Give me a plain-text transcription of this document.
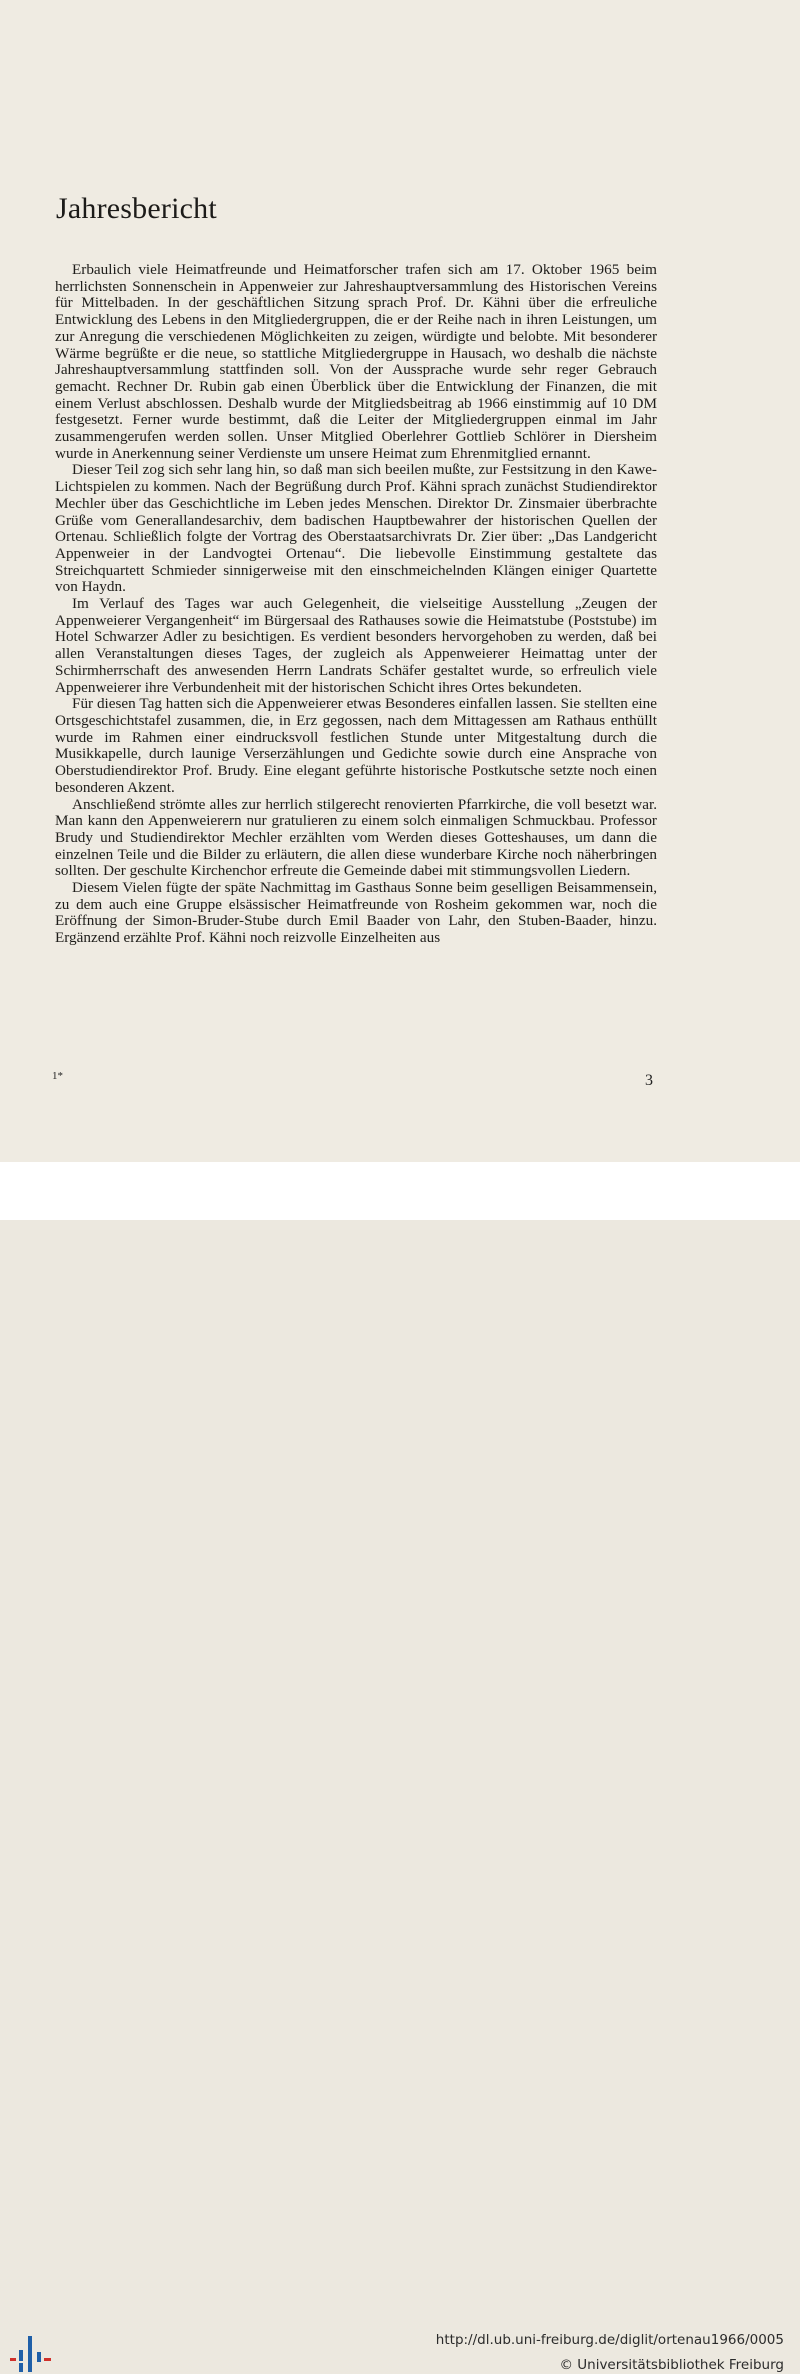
Jahresbericht

Erbaulich viele Heimatfreunde und Heimatforscher trafen sich am 17. Oktober 1965 beim herrlichsten Sonnenschein in Appenweier zur Jahreshauptversammlung des Historischen Vereins für Mittelbaden. In der geschäftlichen Sitzung sprach Prof. Dr. Kähni über die erfreuliche Entwicklung des Lebens in den Mitgliedergruppen, die er der Reihe nach in ihren Leistungen, um zur Anregung die verschiedenen Möglichkeiten zu zeigen, würdigte und belobte. Mit besonderer Wärme begrüßte er die neue, so stattliche Mitgliedergruppe in Hausach, wo deshalb die nächste Jahreshauptversammlung stattfinden soll. Von der Aussprache wurde sehr reger Gebrauch gemacht. Rechner Dr. Rubin gab einen Überblick über die Entwicklung der Finanzen, die mit einem Verlust abschlossen. Deshalb wurde der Mitgliedsbeitrag ab 1966 einstimmig auf 10 DM festgesetzt. Ferner wurde bestimmt, daß die Leiter der Mitgliedergruppen einmal im Jahr zusammengerufen werden sollen. Unser Mitglied Oberlehrer Gottlieb Schlörer in Diersheim wurde in Anerkennung seiner Verdienste um unsere Heimat zum Ehrenmitglied ernannt.

Dieser Teil zog sich sehr lang hin, so daß man sich beeilen mußte, zur Festsitzung in den Kawe-Lichtspielen zu kommen. Nach der Begrüßung durch Prof. Kähni sprach zunächst Studiendirektor Mechler über das Geschichtliche im Leben jedes Menschen. Direktor Dr. Zinsmaier überbrachte Grüße vom Generallandesarchiv, dem badischen Hauptbewahrer der historischen Quellen der Ortenau. Schließlich folgte der Vortrag des Oberstaatsarchivrats Dr. Zier über: „Das Landgericht Appenweier in der Landvogtei Ortenau“. Die liebevolle Einstimmung gestaltete das Streichquartett Schmieder sinnigerweise mit den einschmeichelnden Klängen einiger Quartette von Haydn.

Im Verlauf des Tages war auch Gelegenheit, die vielseitige Ausstellung „Zeugen der Appenweierer Vergangenheit“ im Bürgersaal des Rathauses sowie die Heimatstube (Poststube) im Hotel Schwarzer Adler zu besichtigen. Es verdient besonders hervorgehoben zu werden, daß bei allen Veranstaltungen dieses Tages, der zugleich als Appenweierer Heimattag unter der Schirmherrschaft des anwesenden Herrn Landrats Schäfer gestaltet wurde, so erfreulich viele Appenweierer ihre Verbundenheit mit der historischen Schicht ihres Ortes bekundeten.

Für diesen Tag hatten sich die Appenweierer etwas Besonderes einfallen lassen. Sie stellten eine Ortsgeschichtstafel zusammen, die, in Erz gegossen, nach dem Mittagessen am Rathaus enthüllt wurde im Rahmen einer eindrucksvoll festlichen Stunde unter Mitgestaltung durch die Musikkapelle, durch launige Verserzählungen und Gedichte sowie durch eine Ansprache von Oberstudiendirektor Prof. Brudy. Eine elegant geführte historische Postkutsche setzte noch einen besonderen Akzent.

Anschließend strömte alles zur herrlich stilgerecht renovierten Pfarrkirche, die voll besetzt war. Man kann den Appenweierern nur gratulieren zu einem solch einmaligen Schmuckbau. Professor Brudy und Studiendirektor Mechler erzählten vom Werden dieses Gotteshauses, um dann die einzelnen Teile und die Bilder zu erläutern, die allen diese wunderbare Kirche noch näherbringen sollten. Der geschulte Kirchenchor erfreute die Gemeinde dabei mit stimmungsvollen Liedern.

Diesem Vielen fügte der späte Nachmittag im Gasthaus Sonne beim geselligen Beisammensein, zu dem auch eine Gruppe elsässischer Heimatfreunde von Rosheim gekommen war, noch die Eröffnung der Simon-Bruder-Stube durch Emil Baader von Lahr, den Stuben-Baader, hinzu. Ergänzend erzählte Prof. Kähni noch reizvolle Einzelheiten aus

1*	3
http://dl.ub.uni-freiburg.de/diglit/ortenau1966/0005
© Universitätsbibliothek Freiburg
